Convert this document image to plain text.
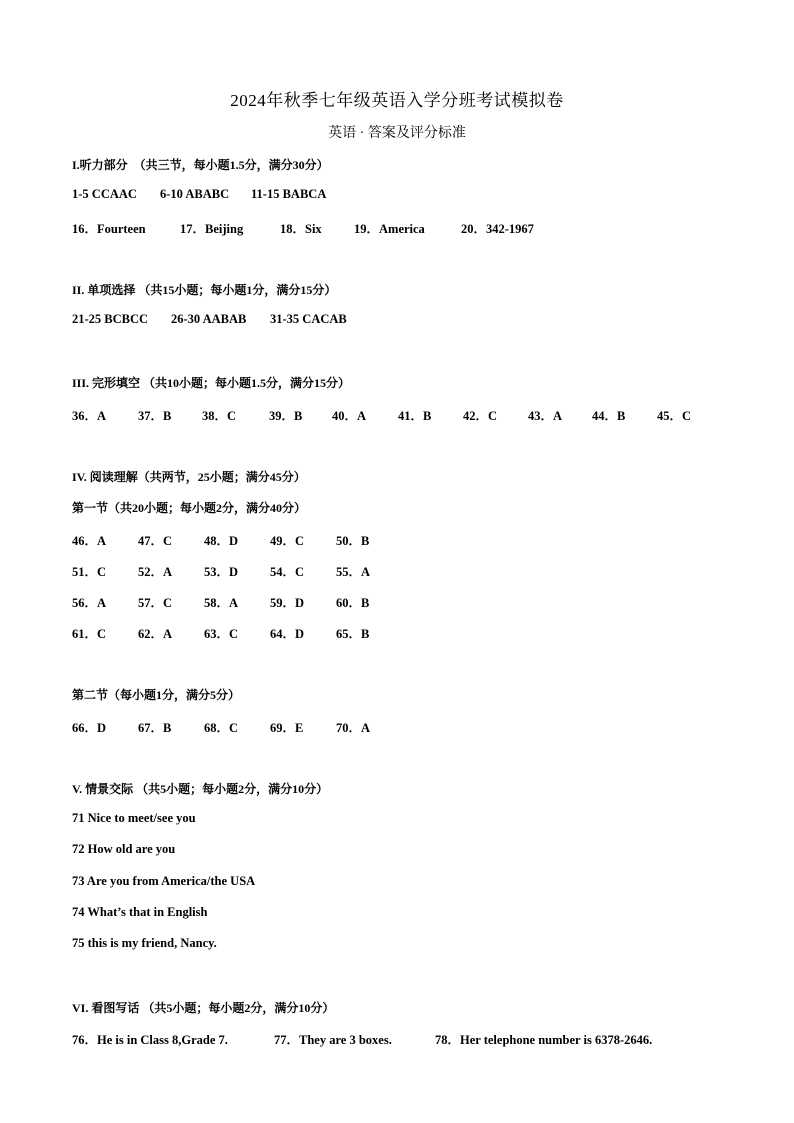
2024年秋季七年级英语入学分班考试模拟卷
英语 · 答案及评分标准
I.听力部分　（共三节，每小题1.5分，满分30分）
1-5 CCAAC 6-10 ABABC 11-15 BABCA
16．Fourteen	17．Beijing	18．Six	19．America	20．342-1967
II. 单项选择 （共15小题；每小题1分，满分15分）
21-25 BCBCC 26-30 AABAB 31-35 CACAB
III. 完形填空 （共10小题；每小题1.5分，满分15分）
36．A	37．B 38．C	39．B 40．A	41．B	42．C 43．A 44．B	45．C
IV. 阅读理解（共两节，25小题；满分45分）
第一节（共20小题；每小题2分，满分40分）
46．A	47．C	48．D	49．C	50．B
51．C	52．A	53．D	54．C	55．A
56．A	57．C	58．A	59．D	60．B
61．C	62．A	63．C	64．D	65．B
第二节（每小题1分，满分5分）
66．D	67．B	68．C	69．E	70．A
V. 情景交际 （共5小题；每小题2分，满分10分）
71 Nice to meet/see you
72 How old are you
73 Are you from America/the USA
74 What’s that in English
75 this is my friend, Nancy.
VI. 看图写话 （共5小题；每小题2分，满分10分）
76．He is in Class 8,Grade 7.	77．They are 3 boxes.	78．Her telephone number is 6378-2646.
